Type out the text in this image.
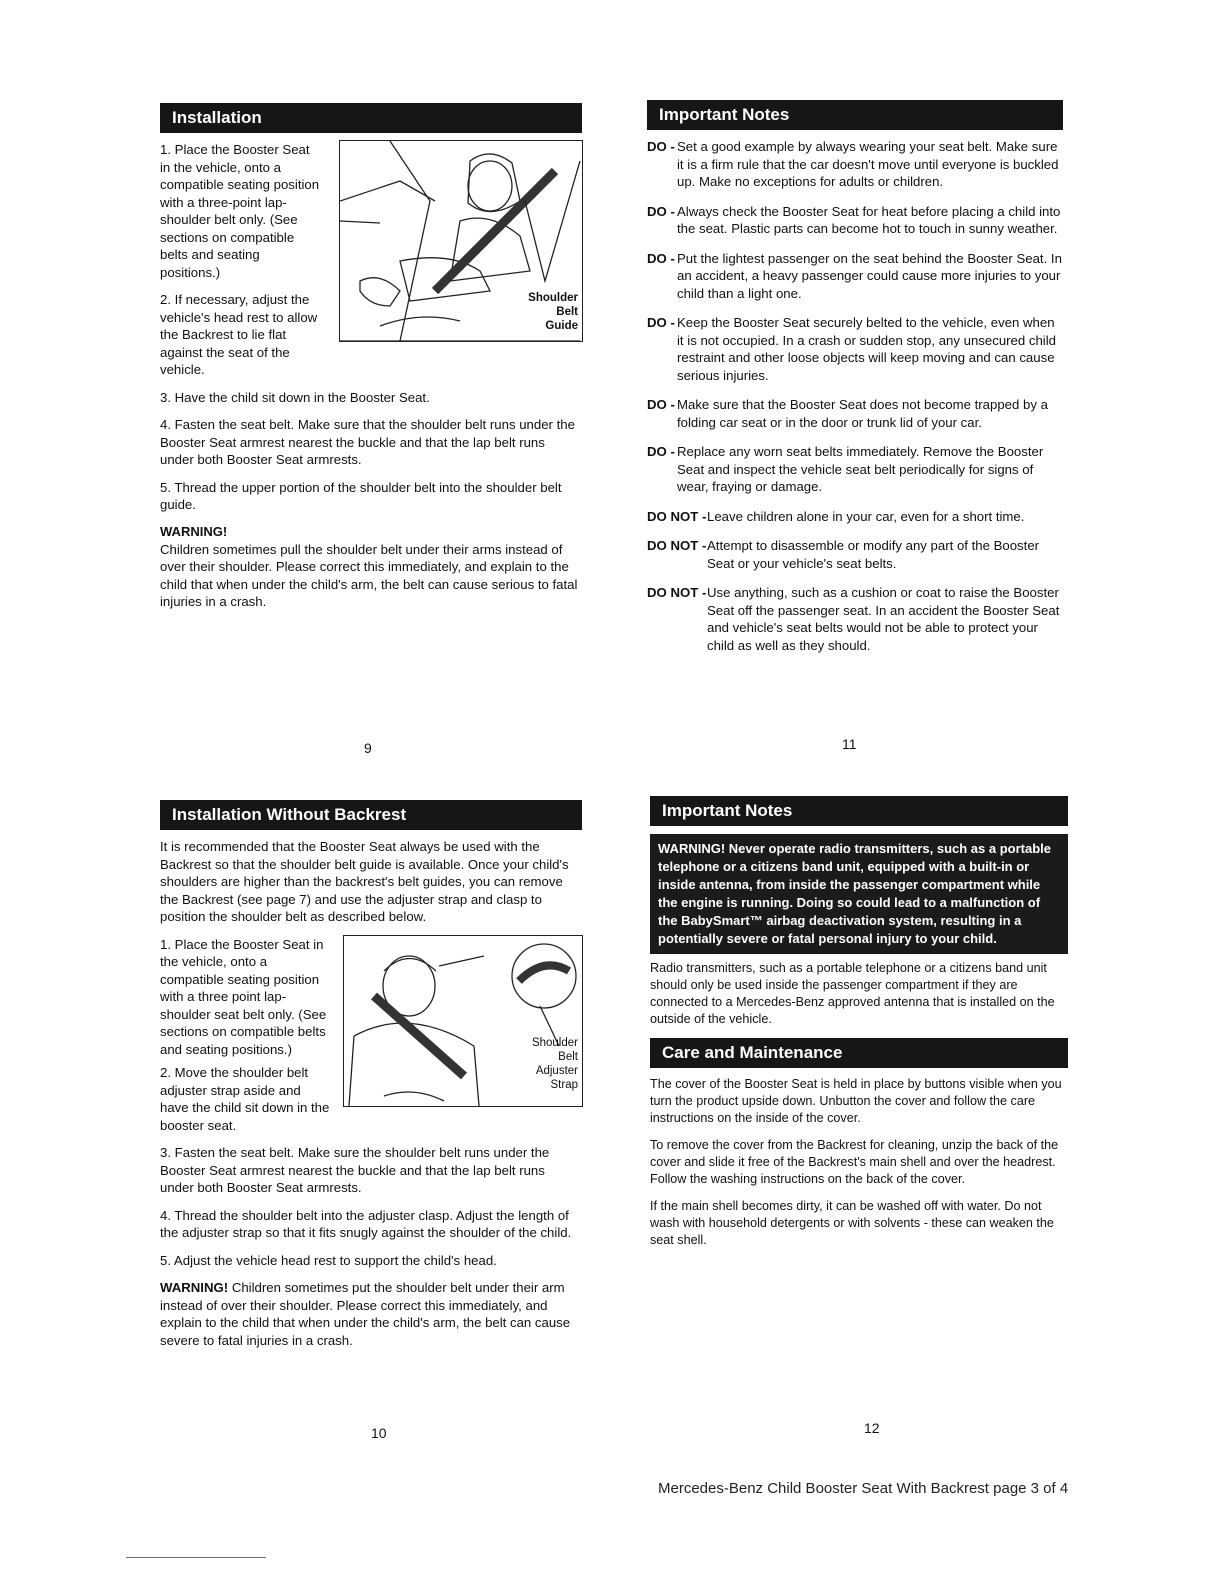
Installation

1. Place the Booster Seat in the vehicle, onto a compatible seating position with a three-point lap-shoulder belt only. (See sections on compatible belts and seating positions.)

2. If necessary, adjust the vehicle's head rest to allow the Backrest to lie flat against the seat of the vehicle.

3. Have the child sit down in the Booster Seat.

4. Fasten the seat belt. Make sure that the shoulder belt runs under the Booster Seat armrest nearest the buckle and that the lap belt runs under both Booster Seat armrests.

5. Thread the upper portion of the shoulder belt into the shoulder belt guide.

WARNING!

Children sometimes pull the shoulder belt under their arms instead of over their shoulder. Please correct this immediately, and explain to the child that when under the child's arm, the belt can cause serious to fatal injuries in a crash.

Shoulder
Belt
Guide
9
Installation Without Backrest

It is recommended that the Booster Seat always be used with the Backrest so that the shoulder belt guide is available. Once your child's shoulders are higher than the backrest's belt guides, you can remove the Backrest (see page 7) and use the adjuster strap and clasp to position the shoulder belt as described below.

1. Place the Booster Seat in the vehicle, onto a compatible seating position with a three point lap-shoulder seat belt only. (See sections on compatible belts and seating positions.)

2. Move the shoulder belt adjuster strap aside and have the child sit down in the booster seat.

3. Fasten the seat belt. Make sure the shoulder belt runs under the Booster Seat armrest nearest the buckle and that the lap belt runs under both Booster Seat armrests.

4. Thread the shoulder belt into the adjuster clasp. Adjust the length of the adjuster strap so that it fits snugly against the shoulder of the child.

5. Adjust the vehicle head rest to support the child's head.

WARNING! Children sometimes put the shoulder belt under their arm instead of over their shoulder. Please correct this immediately, and explain to the child that when under the child's arm, the belt can cause severe to fatal injuries in a crash.

Shoulder
Belt
Adjuster
Strap
10
Important Notes
DO - Set a good example by always wearing your seat belt. Make sure it is a firm rule that the car doesn't move until everyone is buckled up. Make no exceptions for adults or children.
DO - Always check the Booster Seat for heat before placing a child into the seat. Plastic parts can become hot to touch in sunny weather.
DO - Put the lightest passenger on the seat behind the Booster Seat. In an accident, a heavy passenger could cause more injuries to your child than a light one.
DO - Keep the Booster Seat securely belted to the vehicle, even when it is not occupied. In a crash or sudden stop, any unsecured child restraint and other loose objects will keep moving and can cause serious injuries.
DO - Make sure that the Booster Seat does not become trapped by a folding car seat or in the door or trunk lid of your car.
DO - Replace any worn seat belts immediately. Remove the Booster Seat and inspect the vehicle seat belt periodically for signs of wear, fraying or damage.
DO NOT - Leave children alone in your car, even for a short time.
DO NOT - Attempt to disassemble or modify any part of the Booster Seat or your vehicle's seat belts.
DO NOT - Use anything, such as a cushion or coat to raise the Booster Seat off the passenger seat. In an accident the Booster Seat and vehicle's seat belts would not be able to protect your child as well as they should.
11
Important Notes
WARNING! Never operate radio transmitters, such as a portable telephone or a citizens band unit, equipped with a built-in or inside antenna, from inside the passenger compartment while the engine is running. Doing so could lead to a malfunction of the BabySmart™ airbag deactivation system, resulting in a potentially severe or fatal personal injury to your child.

Radio transmitters, such as a portable telephone or a citizens band unit should only be used inside the passenger compartment if they are connected to a Mercedes-Benz approved antenna that is installed on the outside of the vehicle.

Care and Maintenance

The cover of the Booster Seat is held in place by buttons visible when you turn the product upside down. Unbutton the cover and follow the care instructions on the inside of the cover.

To remove the cover from the Backrest for cleaning, unzip the back of the cover and slide it free of the Backrest's main shell and over the headrest. Follow the washing instructions on the back of the cover.

If the main shell becomes dirty, it can be washed off with water. Do not wash with household detergents or with solvents - these can weaken the seat shell.

12
Mercedes-Benz Child Booster Seat With Backrest page 3 of 4
